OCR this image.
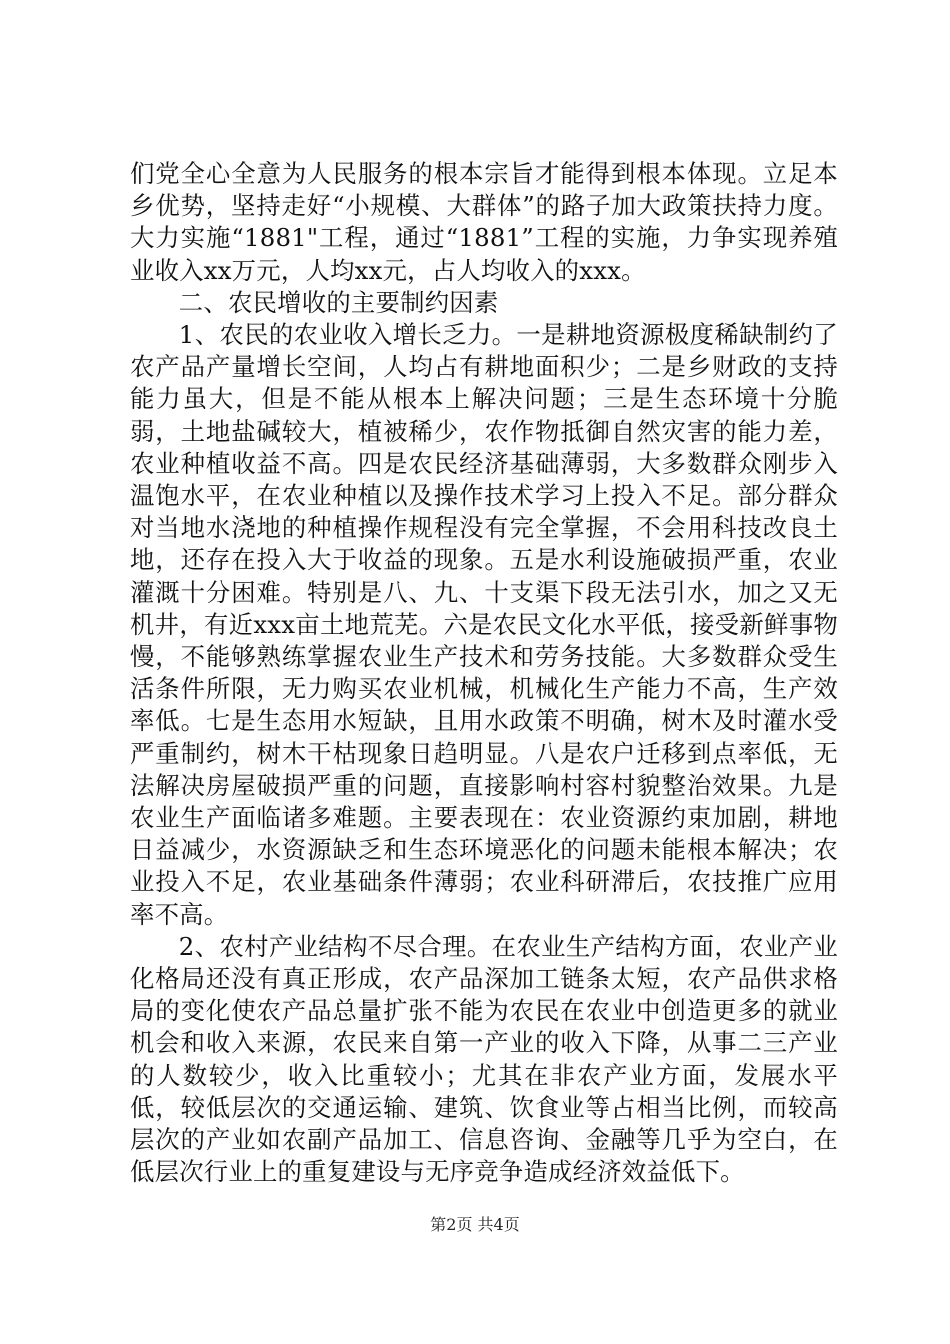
们党全心全意为人民服务的根本宗旨才能得到根本体现。立足本乡优势，坚持走好“小规模、大群体”的路子加大政策扶持力度。大力实施“1881"工程，通过“1881”工程的实施，力争实现养殖业收入xx万元，人均xx元，占人均收入的xxx。

二、农民增收的主要制约因素

1、农民的农业收入增长乏力。一是耕地资源极度稀缺制约了农产品产量增长空间，人均占有耕地面积少；二是乡财政的支持能力虽大，但是不能从根本上解决问题；三是生态环境十分脆弱，土地盐碱较大，植被稀少，农作物抵御自然灾害的能力差，农业种植收益不高。四是农民经济基础薄弱，大多数群众刚步入温饱水平，在农业种植以及操作技术学习上投入不足。部分群众对当地水浇地的种植操作规程没有完全掌握，不会用科技改良土地，还存在投入大于收益的现象。五是水利设施破损严重，农业灌溉十分困难。特别是八、九、十支渠下段无法引水，加之又无机井，有近xxx亩土地荒芜。六是农民文化水平低，接受新鲜事物慢，不能够熟练掌握农业生产技术和劳务技能。大多数群众受生活条件所限，无力购买农业机械，机械化生产能力不高，生产效率低。七是生态用水短缺，且用水政策不明确，树木及时灌水受严重制约，树木干枯现象日趋明显。八是农户迁移到点率低，无法解决房屋破损严重的问题，直接影响村容村貌整治效果。九是农业生产面临诸多难题。主要表现在：农业资源约束加剧，耕地日益减少，水资源缺乏和生态环境恶化的问题未能根本解决；农业投入不足，农业基础条件薄弱；农业科研滞后，农技推广应用率不高。

2、农村产业结构不尽合理。在农业生产结构方面，农业产业化格局还没有真正形成，农产品深加工链条太短，农产品供求格局的变化使农产品总量扩张不能为农民在农业中创造更多的就业机会和收入来源，农民来自第一产业的收入下降，从事二三产业的人数较少，收入比重较小；尤其在非农产业方面，发展水平低，较低层次的交通运输、建筑、饮食业等占相当比例，而较高层次的产业如农副产品加工、信息咨询、金融等几乎为空白，在低层次行业上的重复建设与无序竞争造成经济效益低下。

第2页 共4页
